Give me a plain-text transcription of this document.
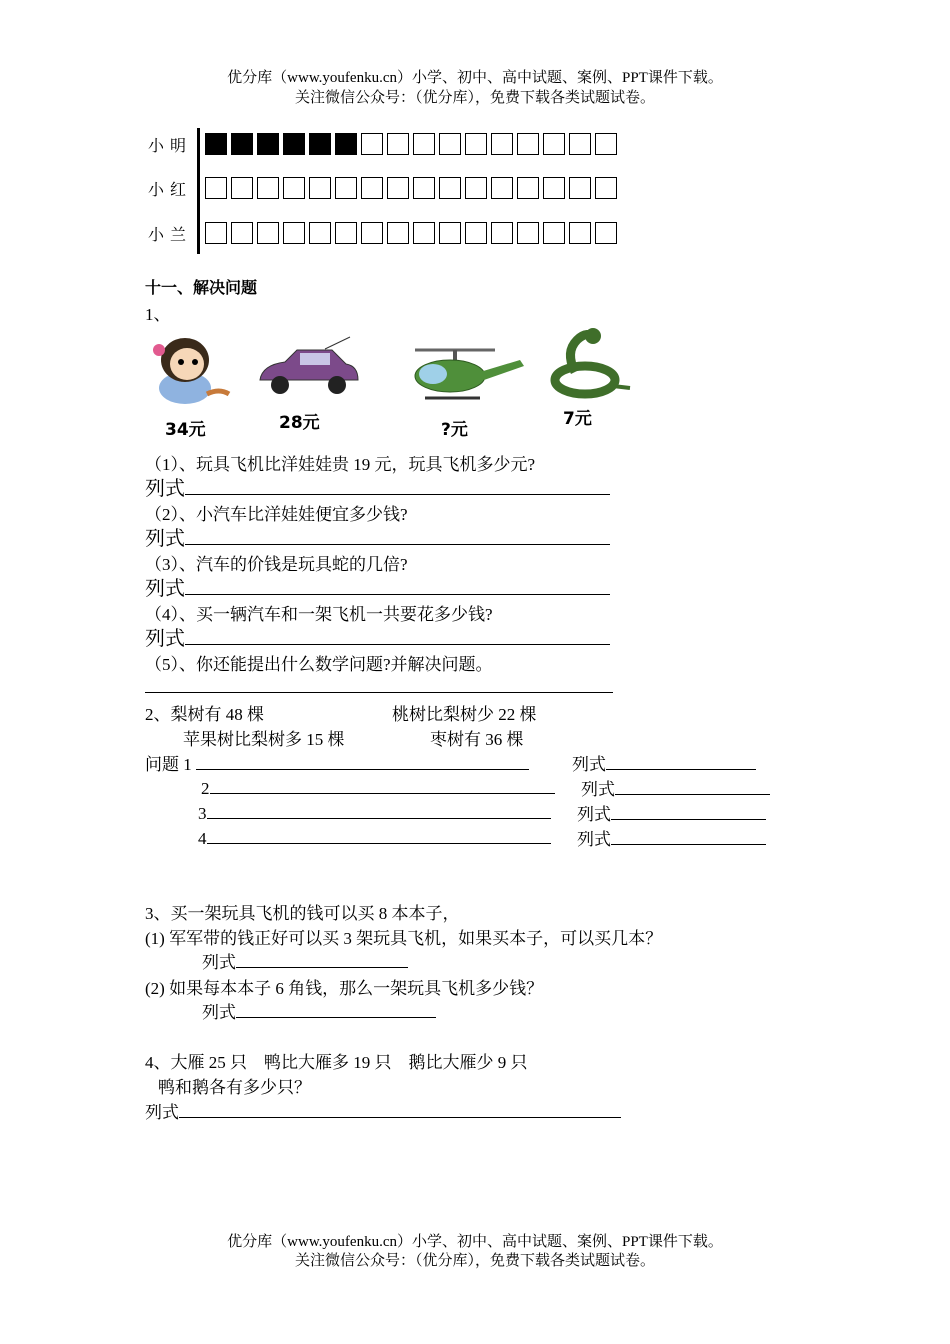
优分库（www.youfenku.cn）小学、初中、高中试题、案例、PPT课件下载。
关注微信公众号：（优分库），免费下载各类试题试卷。
小明
小红
小兰
十一、解决问题
1、
34元	28元	?元
7元
（1）、玩具飞机比洋娃娃贵 19 元，玩具飞机多少元?
列式
（2）、小汽车比洋娃娃便宜多少钱?
列式
（3）、汽车的价钱是玩具蛇的几倍?
列式
（4）、买一辆汽车和一架飞机一共要花多少钱?
列式
（5）、你还能提出什么数学问题?并解决问题。
2、梨树有 48 棵	桃树比梨树少 22 棵
苹果树比梨树多 15 棵	枣树有 36 棵
问题 1	列式
2	列式
3	列式
4	列式
3、买一架玩具飞机的钱可以买 8 本本子，
(1) 军军带的钱正好可以买 3 架玩具飞机，如果买本子，可以买几本？
列式
(2) 如果每本本子 6 角钱，那么一架玩具飞机多少钱？
列式
4、大雁 25 只　鸭比大雁多 19 只　鹅比大雁少 9 只
鸭和鹅各有多少只？
列式
优分库（www.youfenku.cn）小学、初中、高中试题、案例、PPT课件下载。
关注微信公众号：（优分库），免费下载各类试题试卷。
